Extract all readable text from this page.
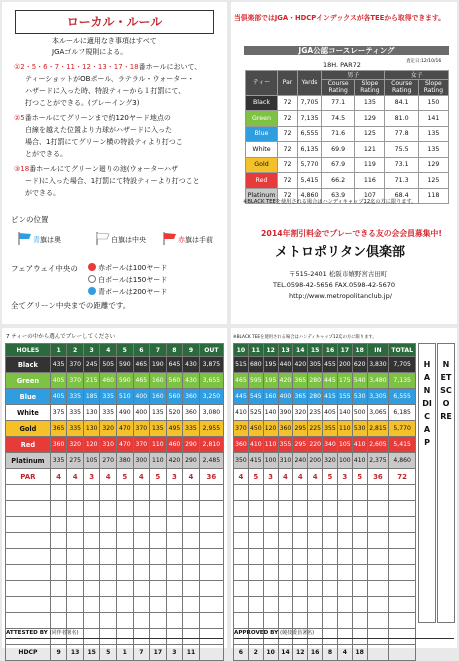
ローカル・ルール
本ルールに適用なき事項はすべて
JGAゴルフ規則による。
①2・5・6・7・11・12・13・17・18番ホールにおいて、
ティーショットがOBポール、ラテラル・ウォーター・
ハザードに入った時、特設ティーから１打罰にて、
打つことができる。(プレーイング3)
②5番ホールにてグリーンまで約120ヤード地点の
白線を越えた位置より力球がハザードに入った
場合、1打罰にてグリーン横の特設ティより打つこ
とができる。
③18番ホールにてグリーン廻りの池(ウォーターハザ
ード)に入った場合、1打罰にて特設ティーより打つこと
ができる。
ピンの位置
青旗は奥	白旗は中央	赤旗は手前
フェアウェイ中央の	赤ポールは100ヤード
白ポールは150ヤード
青ボールは200ヤード
全てグリーン中央までの距離です。
当倶楽部ではJGA・HDCPインデックスが各TEEから取得できます。
JGA公認コースレーティング
査定日:12/10/16
18H. PAR72
ティー	Par	Yards	男子		女子	
			Course Rating	Slope Rating	Course Rating	Slope Rating
Black	72	7,705	77.1	135	84.1	150
Green	72	7,135	74.5	129	81.0	141
Blue	72	6,555	71.6	125	77.8	135
White	72	6,135	69.9	121	75.5	135
Gold	72	5,770	67.9	119	73.1	129
Red	72	5,415	66.2	116	71.3	125
Platinum	72	4,860	63.9	107	68.4	118
※BLACK TEEを使用される場合はハンディキャップ12迄の方に限ります。
2014年割引料金でプレーできる友の会会員募集中!
メトロポリタン倶楽部
〒515-2401 松阪市嬉野宮古田町
TEL.0598-42-5656 FAX.0598-42-5670
http://www.metropolitanclub.jp/
7 ティーの中から選んでプレーしてください
HOLES	1	2	3	4	5	6	7	8	9	OUT
Black	435	370	245	505	590	465	190	645	430	3,875
Green	405	370	215	460	590	465	160	560	430	3,655
Blue	405	335	185	335	510	400	160	560	360	3,250
White	375	335	130	335	490	400	135	520	360	3,080
Gold	365	335	130	320	470	370	135	495	335	2,955
Red	360	320	120	310	470	370	110	460	290	2,810
Platinum	335	275	105	270	380	300	110	420	290	2,485
PAR	4	4	3	4	5	4	5	3	4	36

HDCP	9	13	15	5	1	7	17	3	11	
ATTESTED BY (同伴者署名)
※BLACK TEEを使用される場合はハンディキャップ12迄の方に限ります。
10	11	12	13	14	15	16	17	18	IN	TOTAL
515	680	195	440	420	305	455	200	620	3,830	7,705
465	595	195	420	365	280	445	175	540	3,480	7,135
445	545	160	400	365	280	415	155	530	3,305	6,555
410	525	140	390	320	235	405	140	500	3,065	6,185
370	450	120	360	295	225	355	110	530	2,815	5,770
360	410	110	355	295	220	340	105	410	2,605	5,415
350	415	100	310	240	200	320	100	410	2,375	4,860
4	5	3	4	4	4	5	3	5	36	72

6	2	10	14	12	16	8	4	18		
HANDICAP
NET SCORE
APPROVED BY (競技委員署名)
